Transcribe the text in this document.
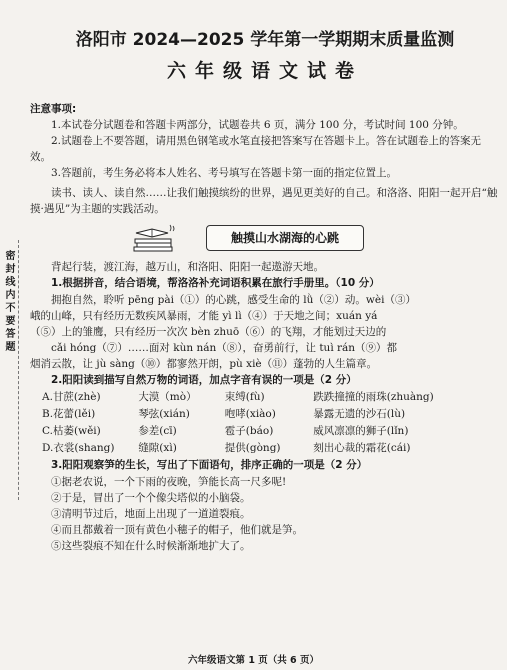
密封线内不要答题
洛阳市 2024—2025 学年第一学期期末质量监测
六年级语文试卷
注意事项:

1.本试卷分试题卷和答题卡两部分，试题卷共 6 页，满分 100 分，考试时间 100 分钟。

2.试题卷上不要答题，请用黑色钢笔或水笔直接把答案写在答题卡上。答在试题卷上的答案无效。

3.答题前，考生务必将本人姓名、考号填写在答题卡第一面的指定位置上。

读书、读人、读自然……让我们触摸缤纷的世界，遇见更美好的自己。和洛洛、阳阳一起开启“触摸·遇见”为主题的实践活动。

触摸山水湖海的心跳

背起行装，渡江海，越万山，和洛阳、阳阳一起遨游天地。

1.根据拼音，结合语境，帮洛洛补充词语积累在旅行手册里。（10 分）

拥抱自然，聆听 pēng pài（①）的心跳，感受生命的 lǜ（②）动。wèi（③）

峨的山峰，只有经历无数疾风暴雨，才能 yì lì（④）于天地之间；xuán yá

（⑤）上的雏鹰，只有经历一次次 bèn zhuō（⑥）的飞翔，才能划过天边的

cǎi hóng（⑦）……面对 kùn nán（⑧），奋勇前行，让 tuì rán（⑨）都

烟消云散，让 jù sàng（⑩）都寥然开朗，pù xiè（⑪）蓬勃的人生篇章。

2.阳阳读到描写自然万物的词语，加点字音有误的一项是（2 分）

A.甘蔗(zhè)	大漠（mò）	束缚(fù)	跌跌撞撞的雨珠(zhuàng)
B.花蕾(lěi)	琴弦(xián)	咆哮(xiào)	暴露无遗的沙石(lù)
C.枯萎(wěi)	参差(cī)	雹子(báo)	威风凛凛的狮子(lǐn)
D.衣裳(shang)	缝隙(xì)	提供(gòng)	刻出心裁的霜花(cái)

3.阳阳观察笋的生长，写出了下面语句，排序正确的一项是（2 分）

①据老农说，一个下雨的夜晚，笋能长高一尺多呢!

②于是，冒出了一个个像尖塔似的小脑袋。

③清明节过后，地面上出现了一道道裂痕。

④而且都戴着一顶有黄色小穗子的帽子，他们就是笋。

⑤这些裂痕不知在什么时候渐渐地扩大了。

六年级语文第 1 页（共 6 页）
